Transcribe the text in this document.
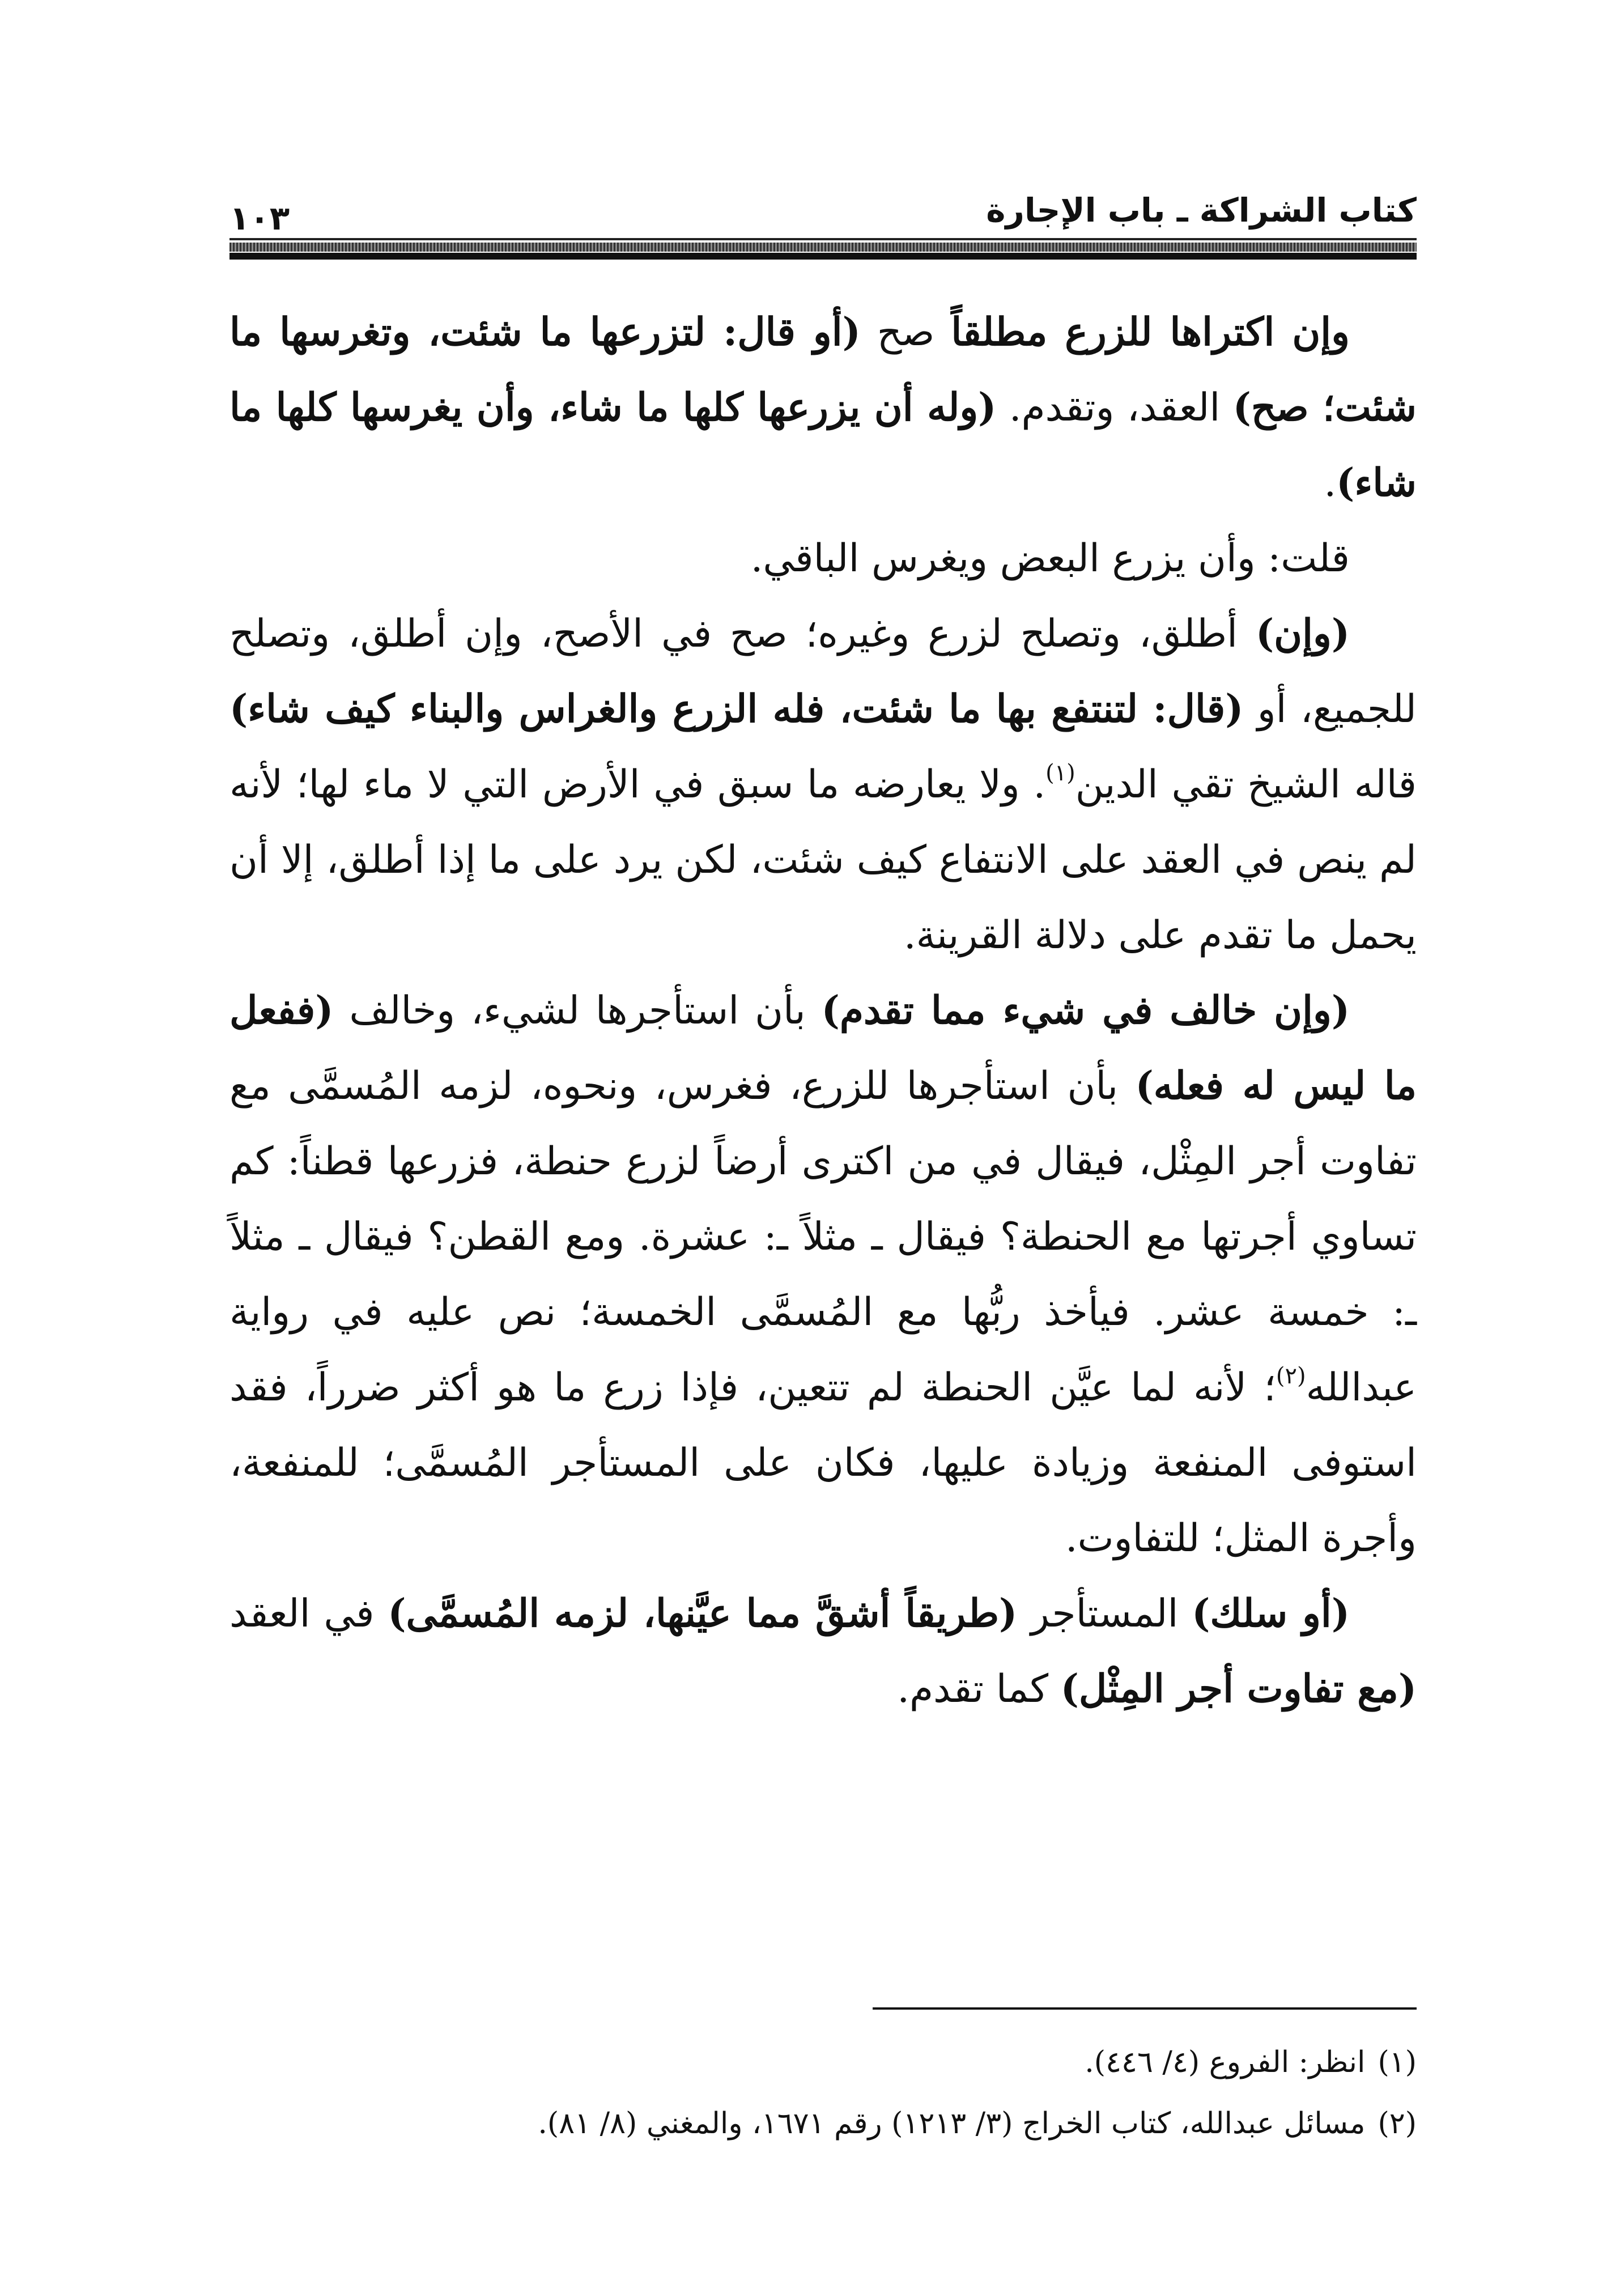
كتاب الشراكة ـ باب الإجارة
١٠٣

وإن اكتراها للزرع مطلقاً صح (أو قال: لتزرعها ما شئت، وتغرسها ما شئت؛ صح) العقد، وتقدم. (وله أن يزرعها كلها ما شاء، وأن يغرسها كلها ما شاء).

قلت: وأن يزرع البعض ويغرس الباقي.

(وإن) أطلق، وتصلح لزرع وغيره؛ صح في الأصح، وإن أطلق، وتصلح للجميع، أو (قال: لتنتفع بها ما شئت، فله الزرع والغراس والبناء كيف شاء) قاله الشيخ تقي الدين$^{(١)}$. ولا يعارضه ما سبق في الأرض التي لا ماء لها؛ لأنه لم ينص في العقد على الانتفاع كيف شئت، لكن يرد على ما إذا أطلق، إلا أن يحمل ما تقدم على دلالة القرينة.

(وإن خالف في شيء مما تقدم) بأن استأجرها لشيء، وخالف (ففعل ما ليس له فعله) بأن استأجرها للزرع، فغرس، ونحوه، لزمه المُسمَّى مع تفاوت أجر المِثْل، فيقال في من اكترى أرضاً لزرع حنطة، فزرعها قطناً: كم تساوي أجرتها مع الحنطة؟ فيقال ـ مثلاً ـ: عشرة. ومع القطن؟ فيقال ـ مثلاً ـ: خمسة عشر. فيأخذ ربُّها مع المُسمَّى الخمسة؛ نص عليه في رواية عبدالله$^{(٢)}$؛ لأنه لما عيَّن الحنطة لم تتعين، فإذا زرع ما هو أكثر ضرراً، فقد استوفى المنفعة وزيادة عليها، فكان على المستأجر المُسمَّى؛ للمنفعة، وأجرة المثل؛ للتفاوت.

(أو سلك) المستأجر (طريقاً أشقَّ مما عيَّنها، لزمه المُسمَّى) في العقد (مع تفاوت أجر المِثْل) كما تقدم.

(١)انظر: الفروع (٤/ ٤٤٦).

(٢)مسائل عبدالله، كتاب الخراج (٣/ ١٢١٣) رقم ١٦٧١، والمغني (٨/ ٨١).
